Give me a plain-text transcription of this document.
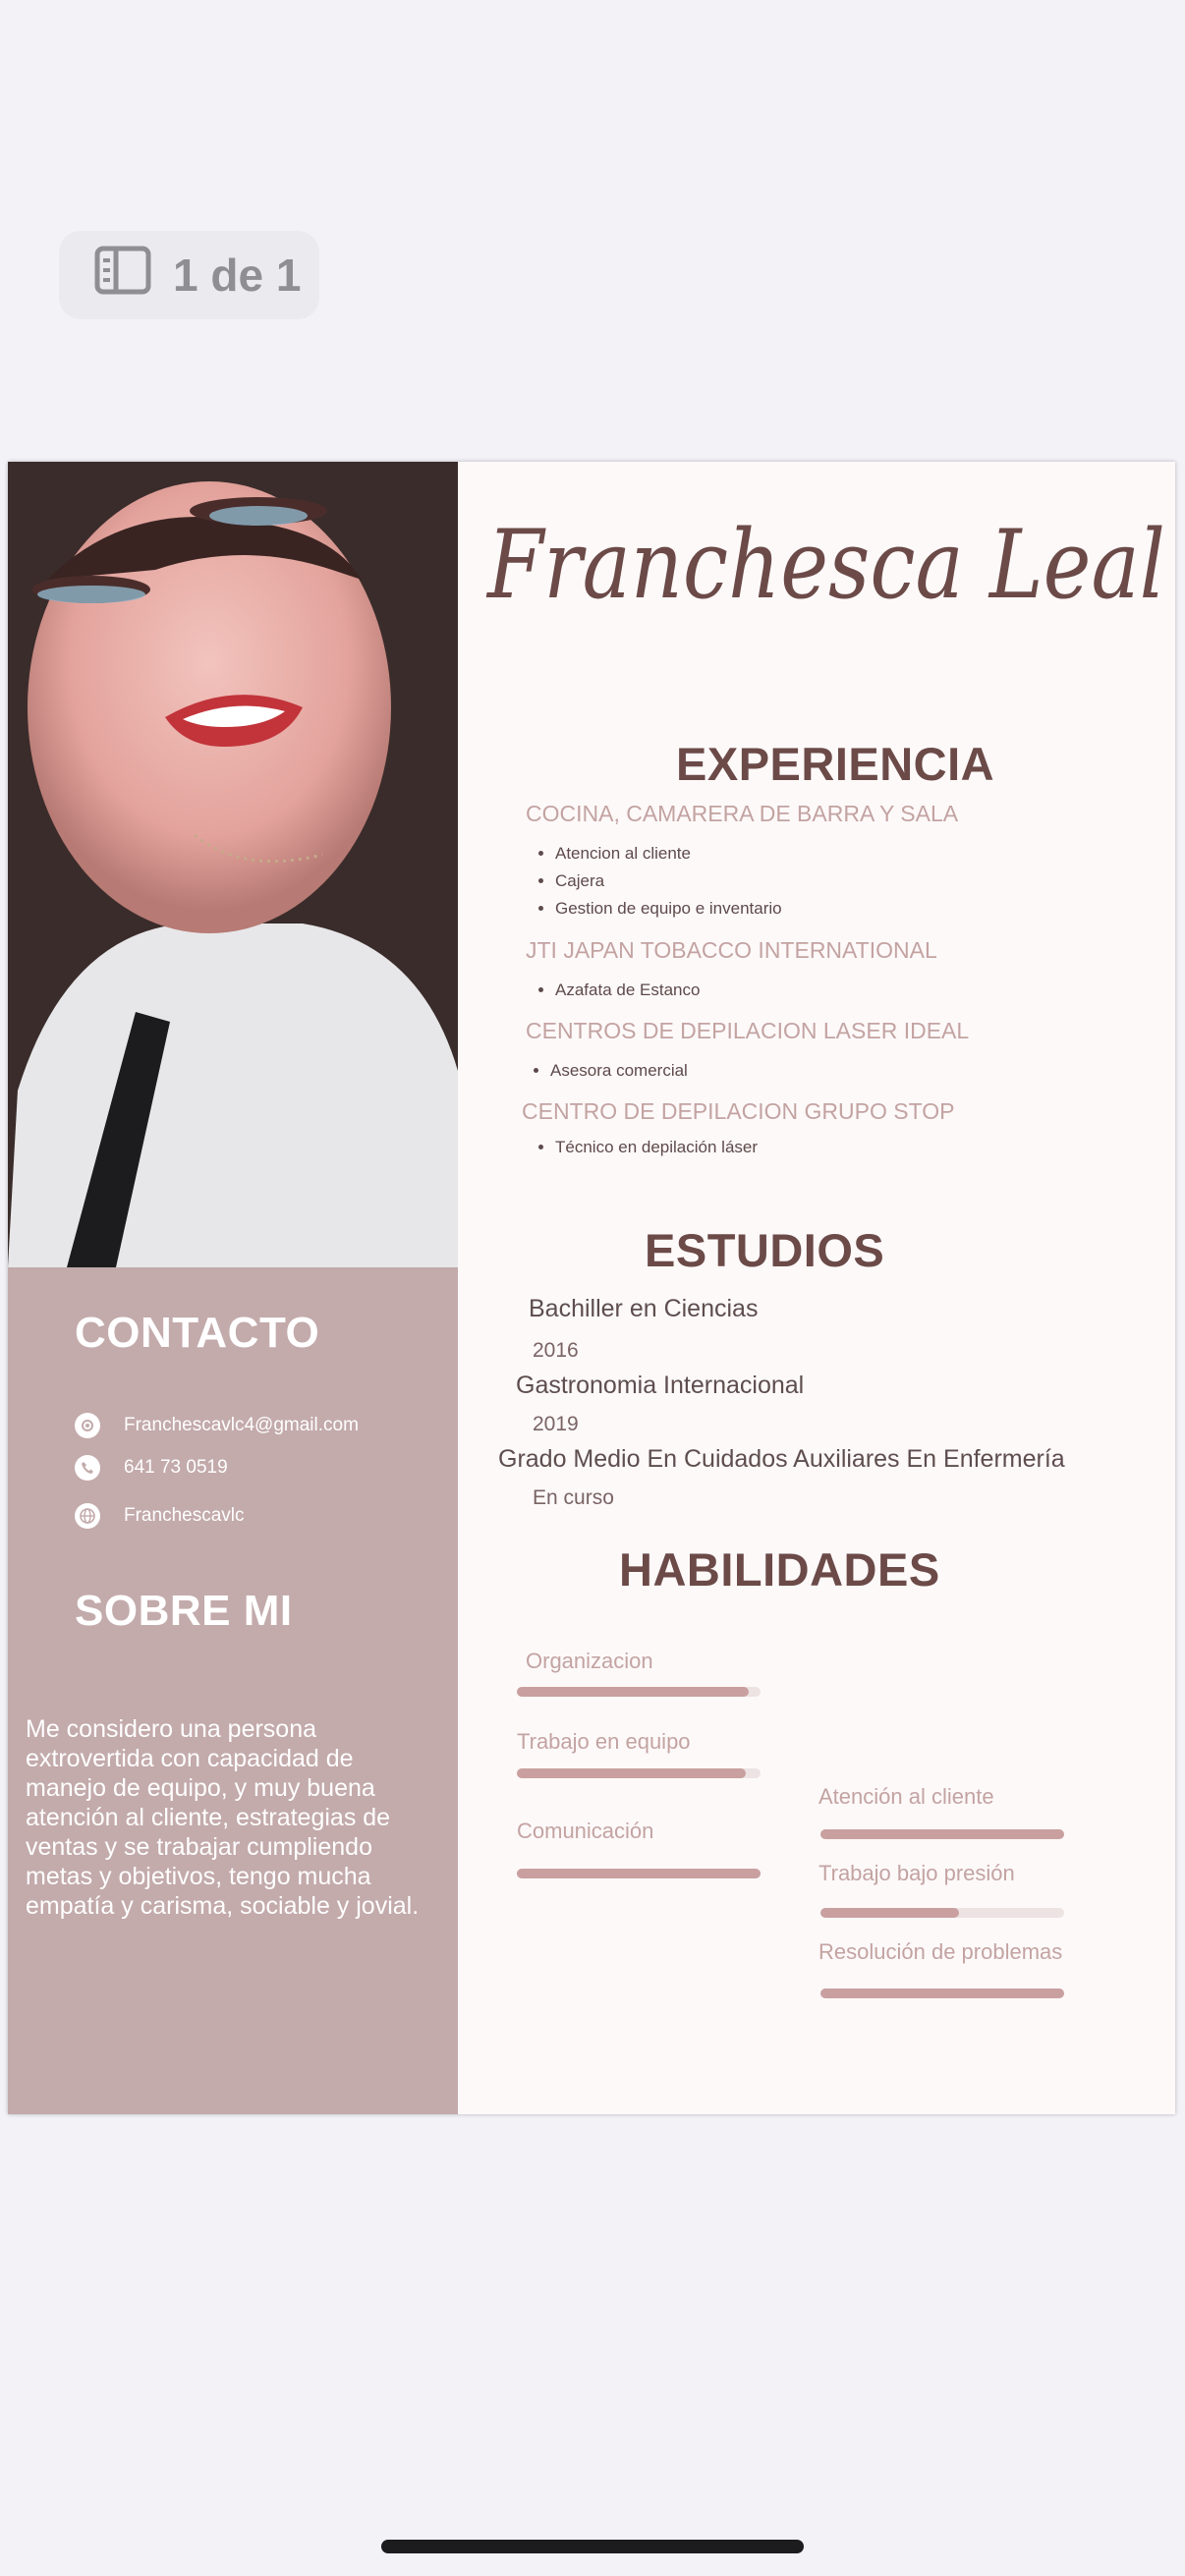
1 de 1
CONTACTO
Franchescavlc4@gmail.com
641 73 0519
Franchescavlc
SOBRE MI
Me considero una persona extrovertida con capacidad de manejo de equipo, y muy buena atención al cliente, estrategias de ventas y se trabajar cumpliendo metas y objetivos, tengo mucha empatía y carisma, sociable y jovial.
Franchesca Leal
EXPERIENCIA
COCINA, CAMARERA DE BARRA Y SALA
• Atencion al cliente
• Cajera
• Gestion de equipo e inventario
JTI JAPAN TOBACCO INTERNATIONAL
• Azafata de Estanco
CENTROS DE DEPILACION LASER IDEAL
• Asesora comercial
CENTRO DE DEPILACION GRUPO STOP
• Técnico en depilación láser
ESTUDIOS
Bachiller en Ciencias
2016
Gastronomia Internacional
2019
Grado Medio En Cuidados Auxiliares En Enfermería
En curso
HABILIDADES
Organizacion
Trabajo en equipo
Comunicación
Atención al cliente
Trabajo bajo presión
Resolución de problemas
